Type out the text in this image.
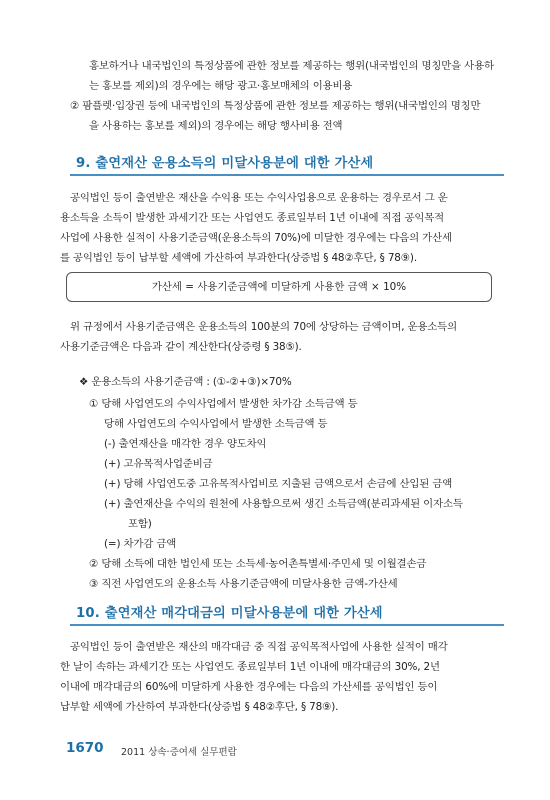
홍보하거나 내국법인의 특정상품에 관한 정보를 제공하는 행위(내국법인의 명칭만을 사용하
는 홍보를 제외)의 경우에는 해당 광고·홍보매체의 이용비용
② 팜플렛·입장권 등에 내국법인의 특정상품에 관한 정보를 제공하는 행위(내국법인의 명칭만
을 사용하는 홍보를 제외)의 경우에는 해당 행사비용 전액
9. 출연재산 운용소득의 미달사용분에 대한 가산세
공익법인 등이 출연받은 재산을 수익용 또는 수익사업용으로 운용하는 경우로서 그 운
용소득을 소득이 발생한 과세기간 또는 사업연도 종료일부터 1년 이내에 직접 공익목적
사업에 사용한 실적이 사용기준금액(운용소득의 70%)에 미달한 경우에는 다음의 가산세
를 공익법인 등이 납부할 세액에 가산하여 부과한다(상증법 § 48②후단, § 78⑨).
가산세 = 사용기준금액에 미달하게 사용한 금액 × 10%
위 규정에서 사용기준금액은 운용소득의 100분의 70에 상당하는 금액이며, 운용소득의
사용기준금액은 다음과 같이 계산한다(상증령 § 38⑤).
❖ 운용소득의 사용기준금액 : (①-②+③)×70%
① 당해 사업연도의 수익사업에서 발생한 차가감 소득금액 등
당해 사업연도의 수익사업에서 발생한 소득금액 등
(-) 출연재산을 매각한 경우 양도차익
(+) 고유목적사업준비금
(+) 당해 사업연도중 고유목적사업비로 지출된 금액으로서 손금에 산입된 금액
(+) 출연재산을 수익의 원천에 사용함으로써 생긴 소득금액(분리과세된 이자소득
포함)
(=) 차가감 금액
② 당해 소득에 대한 법인세 또는 소득세·농어촌특별세·주민세 및 이월결손금
③ 직전 사업연도의 운용소득 사용기준금액에 미달사용한 금액-가산세
10. 출연재산 매각대금의 미달사용분에 대한 가산세
공익법인 등이 출연받은 재산의 매각대금 중 직접 공익목적사업에 사용한 실적이 매각
한 날이 속하는 과세기간 또는 사업연도 종료일부터 1년 이내에 매각대금의 30%, 2년
이내에 매각대금의 60%에 미달하게 사용한 경우에는 다음의 가산세를 공익법인 등이
납부할 세액에 가산하여 부과한다(상증법 § 48②후단, § 78⑨).
1670 2011 상속·증여세 실무편람
